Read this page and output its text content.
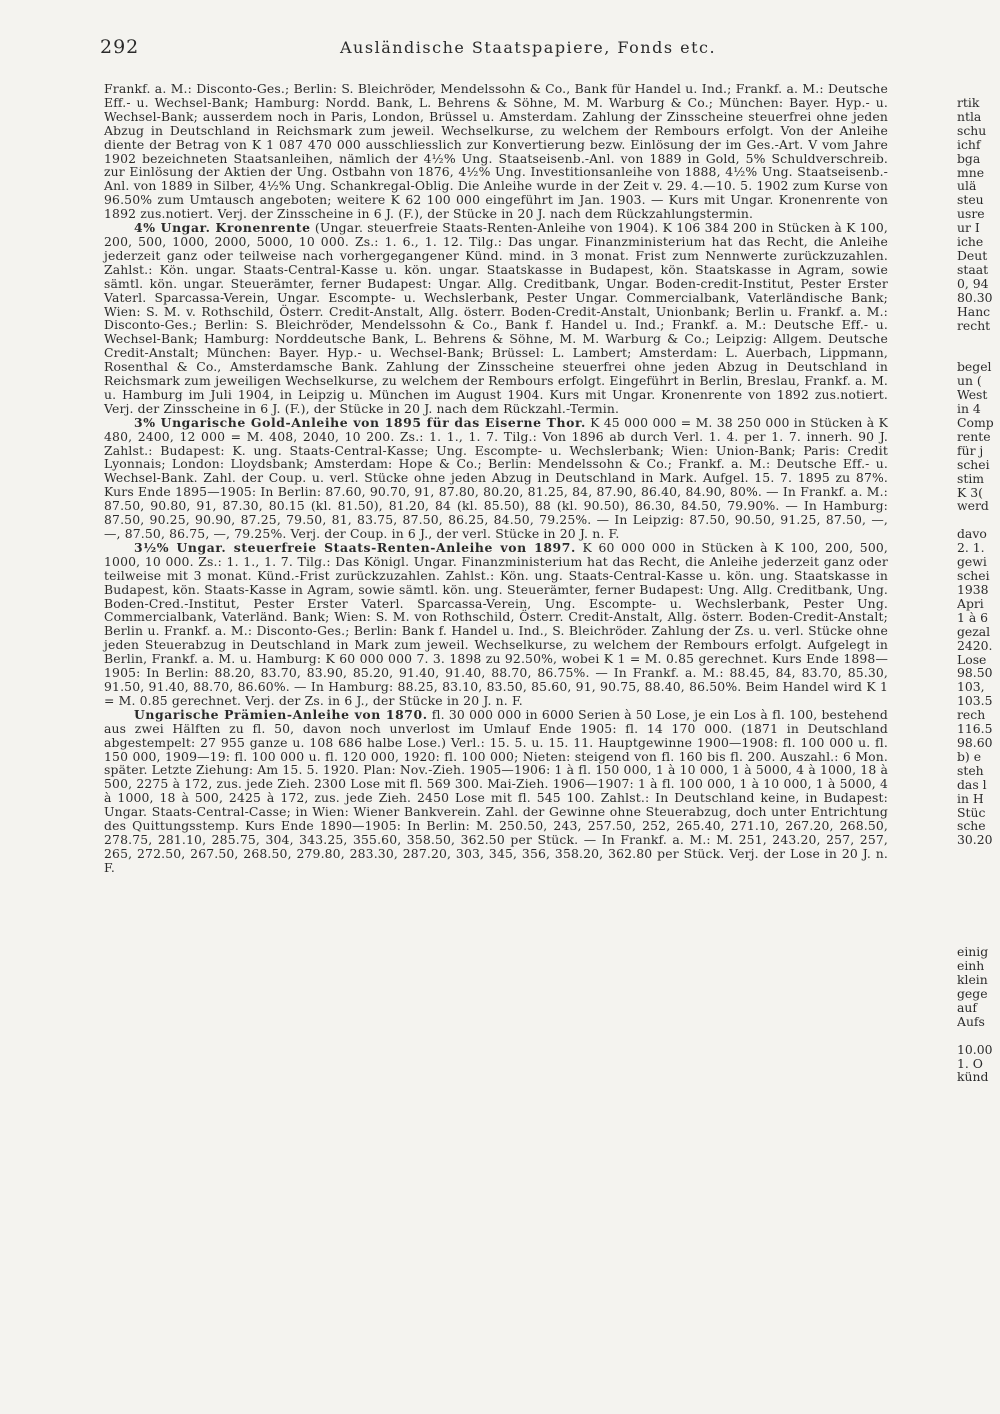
292	Ausländische Staatspapiere, Fonds etc.

Frankf. a. M.: Disconto-Ges.; Berlin: S. Bleichröder, Mendelssohn & Co., Bank für Handel u. Ind.; Frankf. a. M.: Deutsche Eff.- u. Wechsel-Bank; Hamburg: Nordd. Bank, L. Behrens & Söhne, M. M. Warburg & Co.; München: Bayer. Hyp.- u. Wechsel-Bank; ausserdem noch in Paris, London, Brüssel u. Amsterdam. Zahlung der Zinsscheine steuerfrei ohne jeden Abzug in Deutschland in Reichsmark zum jeweil. Wechselkurse, zu welchem der Rembours erfolgt. Von der Anleihe diente der Betrag von K 1 087 470 000 ausschliesslich zur Konvertierung bezw. Einlösung der im Ges.-Art. V vom Jahre 1902 bezeichneten Staatsanleihen, nämlich der 4½% Ung. Staatseisenb.-Anl. von 1889 in Gold, 5% Schuldverschreib. zur Einlösung der Aktien der Ung. Ostbahn von 1876, 4½% Ung. Investitionsanleihe von 1888, 4½% Ung. Staatseisenb.-Anl. von 1889 in Silber, 4½% Ung. Schankregal-Oblig. Die Anleihe wurde in der Zeit v. 29. 4.—10. 5. 1902 zum Kurse von 96.50% zum Umtausch angeboten; weitere K 62 100 000 eingeführt im Jan. 1903. — Kurs mit Ungar. Kronenrente von 1892 zus.notiert. Verj. der Zinsscheine in 6 J. (F.), der Stücke in 20 J. nach dem Rückzahlungstermin.

4% Ungar. Kronenrente (Ungar. steuerfreie Staats-Renten-Anleihe von 1904). K 106 384 200 in Stücken à K 100, 200, 500, 1000, 2000, 5000, 10 000. Zs.: 1. 6., 1. 12. Tilg.: Das ungar. Finanzministerium hat das Recht, die Anleihe jederzeit ganz oder teilweise nach vorhergegangener Künd. mind. in 3 monat. Frist zum Nennwerte zurückzuzahlen. Zahlst.: Kön. ungar. Staats-Central-Kasse u. kön. ungar. Staatskasse in Budapest, kön. Staatskasse in Agram, sowie sämtl. kön. ungar. Steuerämter, ferner Budapest: Ungar. Allg. Creditbank, Ungar. Boden-credit-Institut, Pester Erster Vaterl. Sparcassa-Verein, Ungar. Escompte- u. Wechslerbank, Pester Ungar. Commercialbank, Vaterländische Bank; Wien: S. M. v. Rothschild, Österr. Credit-Anstalt, Allg. österr. Boden-Credit-Anstalt, Unionbank; Berlin u. Frankf. a. M.: Disconto-Ges.; Berlin: S. Bleichröder, Mendelssohn & Co., Bank f. Handel u. Ind.; Frankf. a. M.: Deutsche Eff.- u. Wechsel-Bank; Hamburg: Norddeutsche Bank, L. Behrens & Söhne, M. M. Warburg & Co.; Leipzig: Allgem. Deutsche Credit-Anstalt; München: Bayer. Hyp.- u. Wechsel-Bank; Brüssel: L. Lambert; Amsterdam: L. Auerbach, Lippmann, Rosenthal & Co., Amsterdamsche Bank. Zahlung der Zinsscheine steuerfrei ohne jeden Abzug in Deutschland in Reichsmark zum jeweiligen Wechselkurse, zu welchem der Rembours erfolgt. Eingeführt in Berlin, Breslau, Frankf. a. M. u. Hamburg im Juli 1904, in Leipzig u. München im August 1904. Kurs mit Ungar. Kronenrente von 1892 zus.notiert. Verj. der Zinsscheine in 6 J. (F.), der Stücke in 20 J. nach dem Rückzahl.-Termin.

3% Ungarische Gold-Anleihe von 1895 für das Eiserne Thor. K 45 000 000 = M. 38 250 000 in Stücken à K 480, 2400, 12 000 = M. 408, 2040, 10 200. Zs.: 1. 1., 1. 7. Tilg.: Von 1896 ab durch Verl. 1. 4. per 1. 7. innerh. 90 J. Zahlst.: Budapest: K. ung. Staats-Central-Kasse; Ung. Escompte- u. Wechslerbank; Wien: Union-Bank; Paris: Credit Lyonnais; London: Lloydsbank; Amsterdam: Hope & Co.; Berlin: Mendelssohn & Co.; Frankf. a. M.: Deutsche Eff.- u. Wechsel-Bank. Zahl. der Coup. u. verl. Stücke ohne jeden Abzug in Deutschland in Mark. Aufgel. 15. 7. 1895 zu 87%. Kurs Ende 1895—1905: In Berlin: 87.60, 90.70, 91, 87.80, 80.20, 81.25, 84, 87.90, 86.40, 84.90, 80%. — In Frankf. a. M.: 87.50, 90.80, 91, 87.30, 80.15 (kl. 81.50), 81.20, 84 (kl. 85.50), 88 (kl. 90.50), 86.30, 84.50, 79.90%. — In Hamburg: 87.50, 90.25, 90.90, 87.25, 79.50, 81, 83.75, 87.50, 86.25, 84.50, 79.25%. — In Leipzig: 87.50, 90.50, 91.25, 87.50, —, —, 87.50, 86.75, —, 79.25%. Verj. der Coup. in 6 J., der verl. Stücke in 20 J. n. F.

3½% Ungar. steuerfreie Staats-Renten-Anleihe von 1897. K 60 000 000 in Stücken à K 100, 200, 500, 1000, 10 000. Zs.: 1. 1., 1. 7. Tilg.: Das Königl. Ungar. Finanzministerium hat das Recht, die Anleihe jederzeit ganz oder teilweise mit 3 monat. Künd.-Frist zurückzuzahlen. Zahlst.: Kön. ung. Staats-Central-Kasse u. kön. ung. Staatskasse in Budapest, kön. Staats-Kasse in Agram, sowie sämtl. kön. ung. Steuerämter, ferner Budapest: Ung. Allg. Creditbank, Ung. Boden-Cred.-Institut, Pester Erster Vaterl. Sparcassa-Verein, Ung. Escompte- u. Wechslerbank, Pester Ung. Commercialbank, Vaterländ. Bank; Wien: S. M. von Rothschild, Österr. Credit-Anstalt, Allg. österr. Boden-Credit-Anstalt; Berlin u. Frankf. a. M.: Disconto-Ges.; Berlin: Bank f. Handel u. Ind., S. Bleichröder. Zahlung der Zs. u. verl. Stücke ohne jeden Steuerabzug in Deutschland in Mark zum jeweil. Wechselkurse, zu welchem der Rembours erfolgt. Aufgelegt in Berlin, Frankf. a. M. u. Hamburg: K 60 000 000 7. 3. 1898 zu 92.50%, wobei K 1 = M. 0.85 gerechnet. Kurs Ende 1898—1905: In Berlin: 88.20, 83.70, 83.90, 85.20, 91.40, 91.40, 88.70, 86.75%. — In Frankf. a. M.: 88.45, 84, 83.70, 85.30, 91.50, 91.40, 88.70, 86.60%. — In Hamburg: 88.25, 83.10, 83.50, 85.60, 91, 90.75, 88.40, 86.50%. Beim Handel wird K 1 = M. 0.85 gerechnet. Verj. der Zs. in 6 J., der Stücke in 20 J. n. F.

Ungarische Prämien-Anleihe von 1870. fl. 30 000 000 in 6000 Serien à 50 Lose, je ein Los à fl. 100, bestehend aus zwei Hälften zu fl. 50, davon noch unverlost im Umlauf Ende 1905: fl. 14 170 000. (1871 in Deutschland abgestempelt: 27 955 ganze u. 108 686 halbe Lose.) Verl.: 15. 5. u. 15. 11. Hauptgewinne 1900—1908: fl. 100 000 u. fl. 150 000, 1909—19: fl. 100 000 u. fl. 120 000, 1920: fl. 100 000; Nieten: steigend von fl. 160 bis fl. 200. Auszahl.: 6 Mon. später. Letzte Ziehung: Am 15. 5. 1920. Plan: Nov.-Zieh. 1905—1906: 1 à fl. 150 000, 1 à 10 000, 1 à 5000, 4 à 1000, 18 à 500, 2275 à 172, zus. jede Zieh. 2300 Lose mit fl. 569 300. Mai-Zieh. 1906—1907: 1 à fl. 100 000, 1 à 10 000, 1 à 5000, 4 à 1000, 18 à 500, 2425 à 172, zus. jede Zieh. 2450 Lose mit fl. 545 100. Zahlst.: In Deutschland keine, in Budapest: Ungar. Staats-Central-Casse; in Wien: Wiener Bankverein. Zahl. der Gewinne ohne Steuerabzug, doch unter Entrichtung des Quittungsstemp. Kurs Ende 1890—1905: In Berlin: M. 250.50, 243, 257.50, 252, 265.40, 271.10, 267.20, 268.50, 278.75, 281.10, 285.75, 304, 343.25, 355.60, 358.50, 362.50 per Stück. — In Frankf. a. M.: M. 251, 243.20, 257, 257, 265, 272.50, 267.50, 268.50, 279.80, 283.30, 287.20, 303, 345, 356, 358.20, 362.80 per Stück. Verj. der Lose in 20 J. n. F.

rtik
ntla
schu
ichf
bga
mne
ulä
steu
usre
ur I
iche
Deut
staat
0, 94
80.30
Hanc
recht
begel
un (
West
in 4
Comp
rente
für j
schei
stim
K 3(
werd
davo
2. 1.
gewi
schei
1938
Apri
1 à 6
gezal
2420.
Lose
98.50
103,
103.5
rech
116.5
98.60
b) e
steh
das l
in H
Stüc
sche
30.20
einig
einh
klein
gege
auf
Aufs
10.00
1. O
künd
